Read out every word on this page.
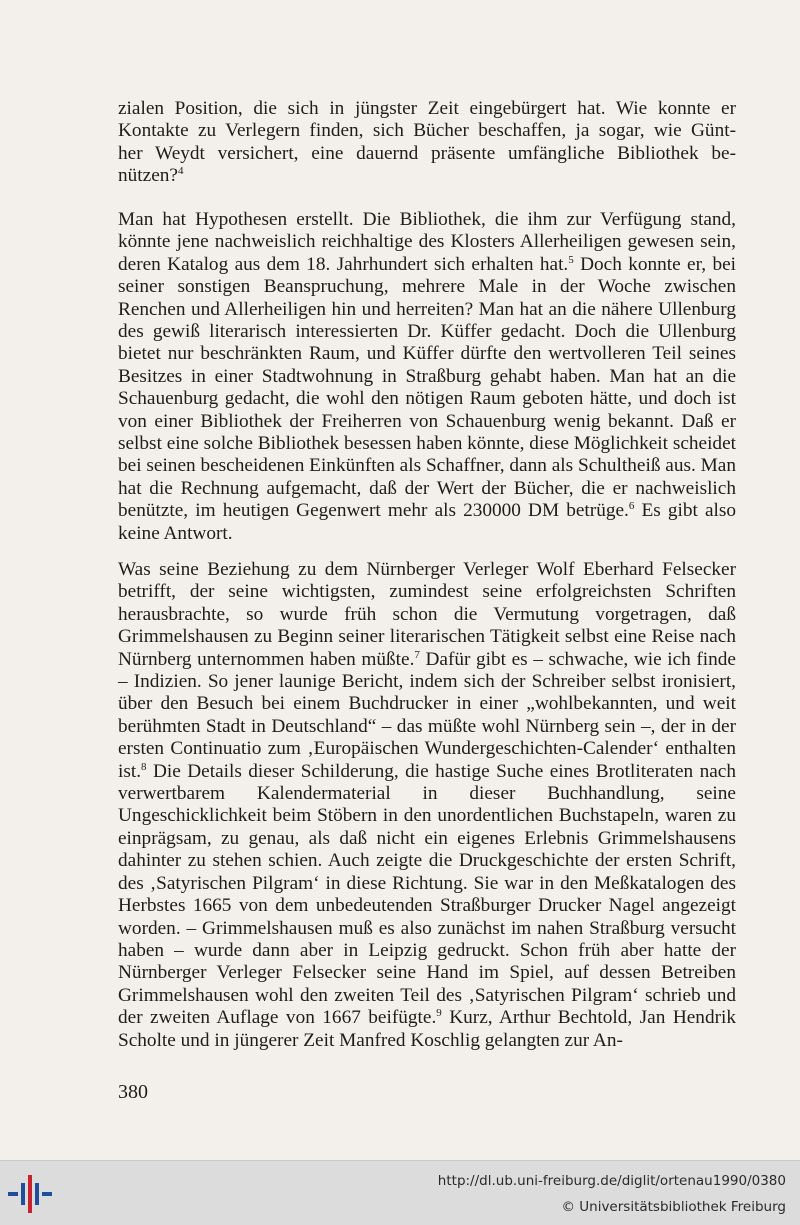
zialen Position, die sich in jüngster Zeit eingebürgert hat. Wie konnte er

Kontakte zu Verlegern finden, sich Bücher beschaffen, ja sogar, wie Günt-

her Weydt versichert, eine dauernd präsente umfängliche Bibliothek be-

nützen?$^4$

Man hat Hypothesen erstellt. Die Bibliothek, die ihm zur Verfügung stand, könnte jene nachweislich reichhaltige des Klosters Allerheiligen gewesen sein, deren Katalog aus dem 18. Jahrhundert sich erhalten hat.$^5$ Doch konnte er, bei seiner sonstigen Beanspruchung, mehrere Male in der Woche zwischen Renchen und Allerheiligen hin und herreiten? Man hat an die nähere Ullenburg des gewiß literarisch interessierten Dr. Küffer gedacht. Doch die Ullenburg bietet nur beschränkten Raum, und Küffer dürfte den wertvolleren Teil seines Besitzes in einer Stadtwohnung in Straßburg gehabt haben. Man hat an die Schauenburg gedacht, die wohl den nötigen Raum geboten hätte, und doch ist von einer Bibliothek der Freiherren von Schauenburg wenig bekannt. Daß er selbst eine solche Bibliothek besessen haben könnte, diese Möglichkeit scheidet bei seinen bescheidenen Einkünften als Schaffner, dann als Schultheiß aus. Man hat die Rechnung aufgemacht, daß der Wert der Bücher, die er nachweislich benützte, im heutigen Gegenwert mehr als 230000 DM betrüge.$^6$ Es gibt also keine Antwort.

Was seine Beziehung zu dem Nürnberger Verleger Wolf Eberhard Felsecker betrifft, der seine wichtigsten, zumindest seine erfolgreichsten Schriften herausbrachte, so wurde früh schon die Vermutung vorgetragen, daß Grimmelshausen zu Beginn seiner literarischen Tätigkeit selbst eine Reise nach Nürnberg unternommen haben müßte.$^7$ Dafür gibt es – schwache, wie ich finde – Indizien. So jener launige Bericht, indem sich der Schreiber selbst ironisiert, über den Besuch bei einem Buchdrucker in einer „wohlbekannten, und weit berühmten Stadt in Deutschland“ – das müßte wohl Nürnberg sein –, der in der ersten Continuatio zum ‚Europäischen Wundergeschichten-Calender‘ enthalten ist.$^8$ Die Details dieser Schilderung, die hastige Suche eines Brotliteraten nach verwertbarem Kalendermaterial in dieser Buchhandlung, seine Ungeschicklichkeit beim Stöbern in den unordentlichen Buchstapeln, waren zu einprägsam, zu genau, als daß nicht ein eigenes Erlebnis Grimmelshausens dahinter zu stehen schien. Auch zeigte die Druckgeschichte der ersten Schrift, des ‚Satyrischen Pilgram‘ in diese Richtung. Sie war in den Meßkatalogen des Herbstes 1665 von dem unbedeutenden Straßburger Drucker Nagel angezeigt worden. – Grimmelshausen muß es also zunächst im nahen Straßburg versucht haben – wurde dann aber in Leipzig gedruckt. Schon früh aber hatte der Nürnberger Verleger Felsecker seine Hand im Spiel, auf dessen Betreiben Grimmelshausen wohl den zweiten Teil des ‚Satyrischen Pilgram‘ schrieb und der zweiten Auflage von 1667 beifügte.$^9$ Kurz, Arthur Bechtold, Jan Hendrik Scholte und in jüngerer Zeit Manfred Koschlig gelangten zur An-

380
http://dl.ub.uni-freiburg.de/diglit/ortenau1990/0380
© Universitätsbibliothek Freiburg
